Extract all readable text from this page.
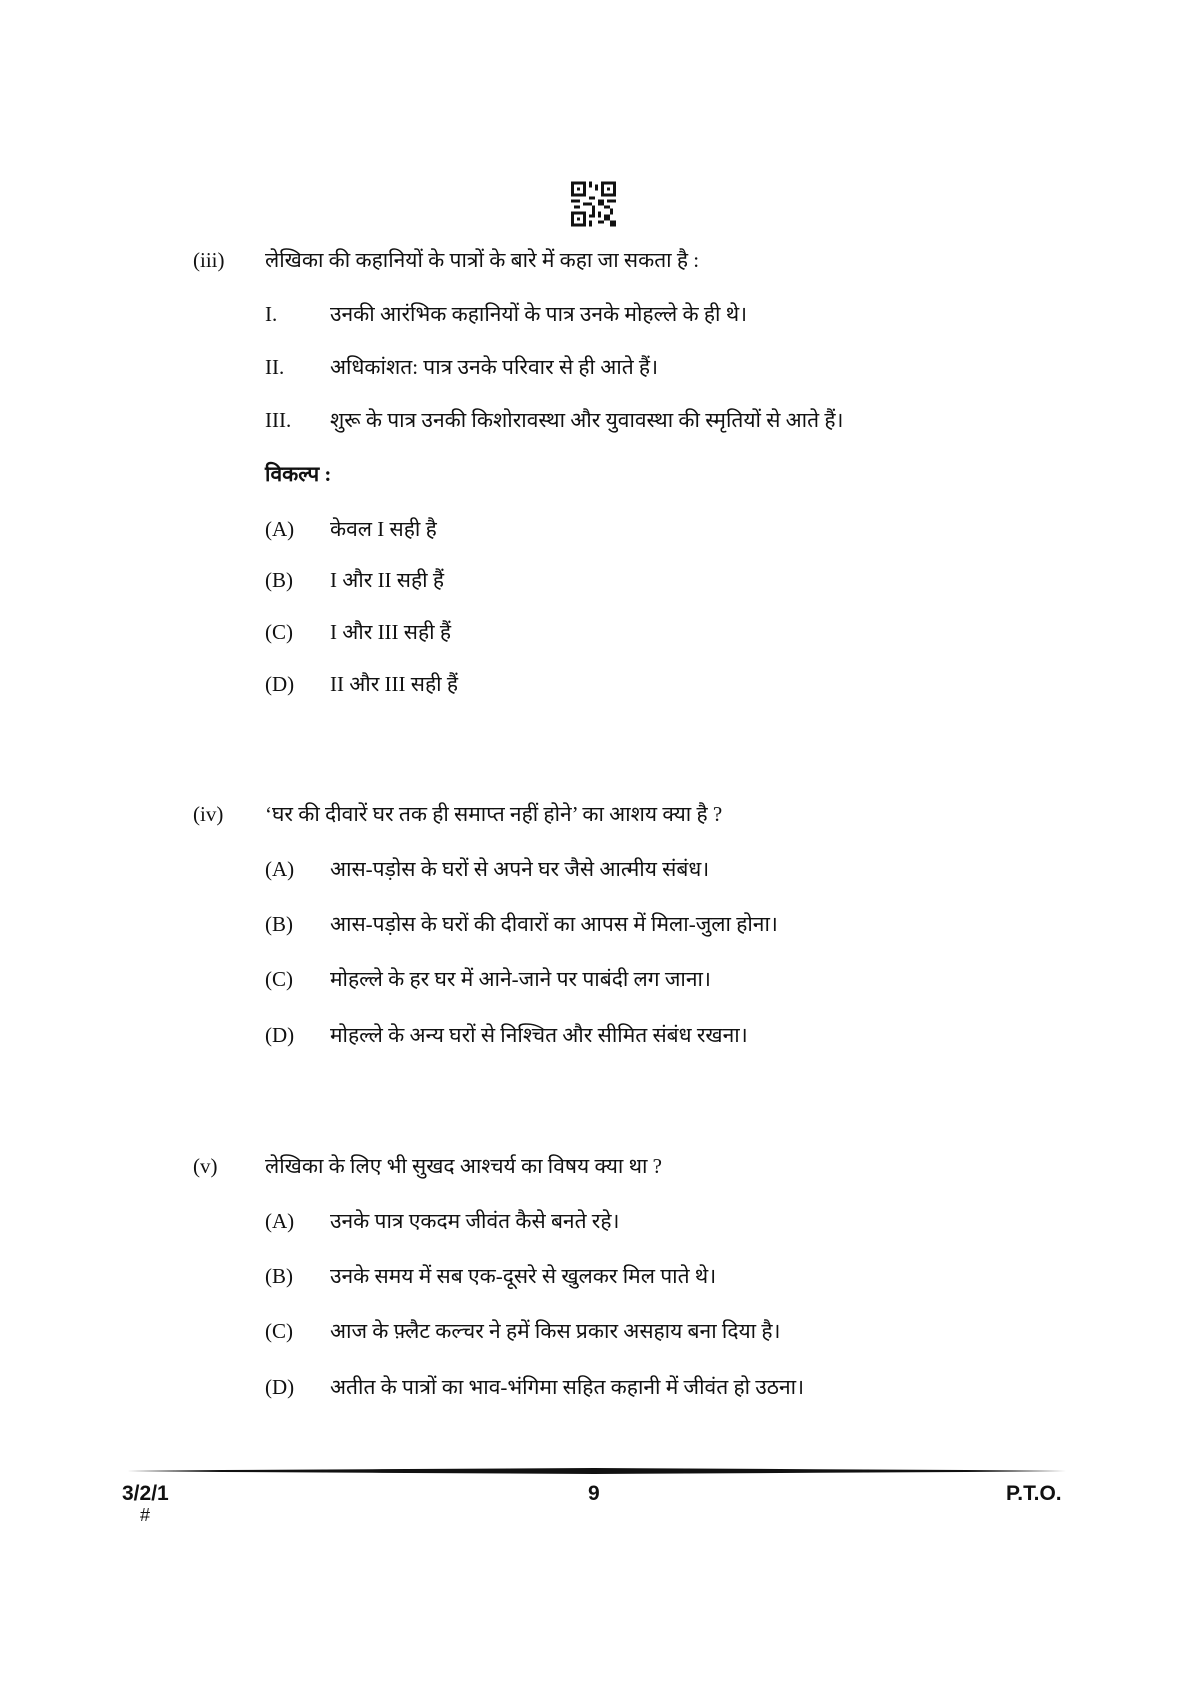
(iii)	लेखिका की कहानियों के पात्रों के बारे में कहा जा सकता है :
I.	उनकी आरंभिक कहानियों के पात्र उनके मोहल्ले के ही थे।
II.	अधिकांशत: पात्र उनके परिवार से ही आते हैं।
III.	शुरू के पात्र उनकी किशोरावस्था और युवावस्था की स्मृतियों से आते हैं।
विकल्प :
(A)	केवल I सही है
(B)	I और II सही हैं
(C)	I और III सही हैं
(D)	II और III सही हैं
(iv)	‘घर की दीवारें घर तक ही समाप्त नहीं होने’ का आशय क्या है ?
(A)	आस-पड़ोस के घरों से अपने घर जैसे आत्मीय संबंध।
(B)	आस-पड़ोस के घरों की दीवारों का आपस में मिला-जुला होना।
(C)	मोहल्ले के हर घर में आने-जाने पर पाबंदी लग जाना।
(D)	मोहल्ले के अन्य घरों से निश्चित और सीमित संबंध रखना।
(v)	लेखिका के लिए भी सुखद आश्चर्य का विषय क्या था ?
(A)	उनके पात्र एकदम जीवंत कैसे बनते रहे।
(B)	उनके समय में सब एक-दूसरे से खुलकर मिल पाते थे।
(C)	आज के फ़्लैट कल्चर ने हमें किस प्रकार असहाय बना दिया है।
(D)	अतीत के पात्रों का भाव-भंगिमा सहित कहानी में जीवंत हो उठना।
3/2/1
#
9	P.T.O.
